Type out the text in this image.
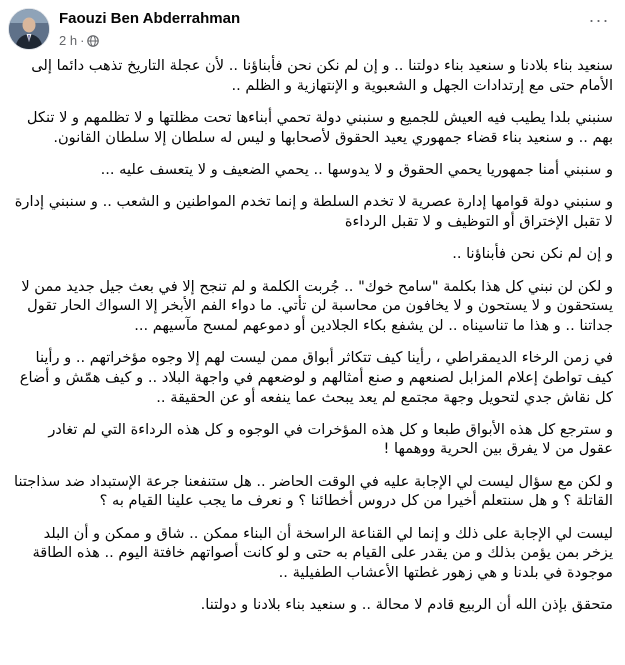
Faouzi Ben Abderrahman
2 h ·
···

سنعيد بناء بلادنا و سنعيد بناء دولتنا .. و إن لم نكن نحن فأبناؤنا .. لأن عجلة التاريخ تذهب دائما إلى الأمام حتى مع إرتدادات الجهل و الشعبوية و الإنتهازية و الظلم ..

سنبني بلدا يطيب فيه العيش للجميع و سنبني دولة تحمي أبناءها تحت مظلتها و لا تظلمهم و لا تنكل بهم .. و سنعيد بناء قضاء جمهوري يعيد الحقوق لأصحابها و ليس له سلطان إلا سلطان القانون.

و سنبني أمنا جمهوريا يحمي الحقوق و لا يدوسها .. يحمي الضعيف و لا يتعسف عليه ...

و سنبني دولة قوامها إدارة عصرية لا تخدم السلطة و إنما تخدم المواطنين و الشعب .. و سنبني إدارة لا تقبل الإختراق أو التوظيف و لا تقبل الرداءة

و إن لم نكن نحن فأبناؤنا ..

و لكن لن نبني كل هذا بكلمة "سامح خوك" .. جُربت الكلمة و لم تنجح إلا في بعث جيل جديد ممن لا يستحقون و لا يستحون و لا يخافون من محاسبة لن تأتي. ما دواء الفم الأبخر إلا السواك الحار تقول جداتنا .. و هذا ما تناسيناه .. لن يشفع بكاء الجلادين أو دموعهم لمسح مآسيهم ...

في زمن الرخاء الديمقراطي ، رأينا كيف تتكاثر أبواق ممن ليست لهم إلا وجوه مؤخراتهم .. و رأينا كيف تواطئ إعلام المزابل لصنعهم و صنع أمثالهم و لوضعهم في واجهة البلاد .. و كيف همّش و أضاع كل نقاش جدي لتحويل وجهة مجتمع لم يعد يبحث عما ينفعه أو عن الحقيقة ..

و سترجع كل هذه الأبواق طبعا و كل هذه المؤخرات في الوجوه و كل هذه الرداءة التي لم تغادر عقول من لا يفرق بين الحرية ووهمها !

و لكن مع سؤال ليست لي الإجابة عليه في الوقت الحاضر .. هل ستنفعنا جرعة الإستبداد ضد سذاجتنا القاتلة ؟ و هل سنتعلم أخيرا من كل دروس أخطائنا ؟ و نعرف ما يجب علينا القيام به ؟

ليست لي الإجابة على ذلك و إنما لي القناعة الراسخة أن البناء ممكن .. شاق و ممكن و أن البلد يزخر بمن يؤمن بذلك و من يقدر على القيام به حتى و لو كانت أصواتهم خافتة اليوم .. هذه الطاقة موجودة في بلدنا و هي زهور غطتها الأعشاب الطفيلية ..

متحقق بإذن الله أن الربيع قادم لا محالة .. و سنعيد بناء بلادنا و دولتنا.
